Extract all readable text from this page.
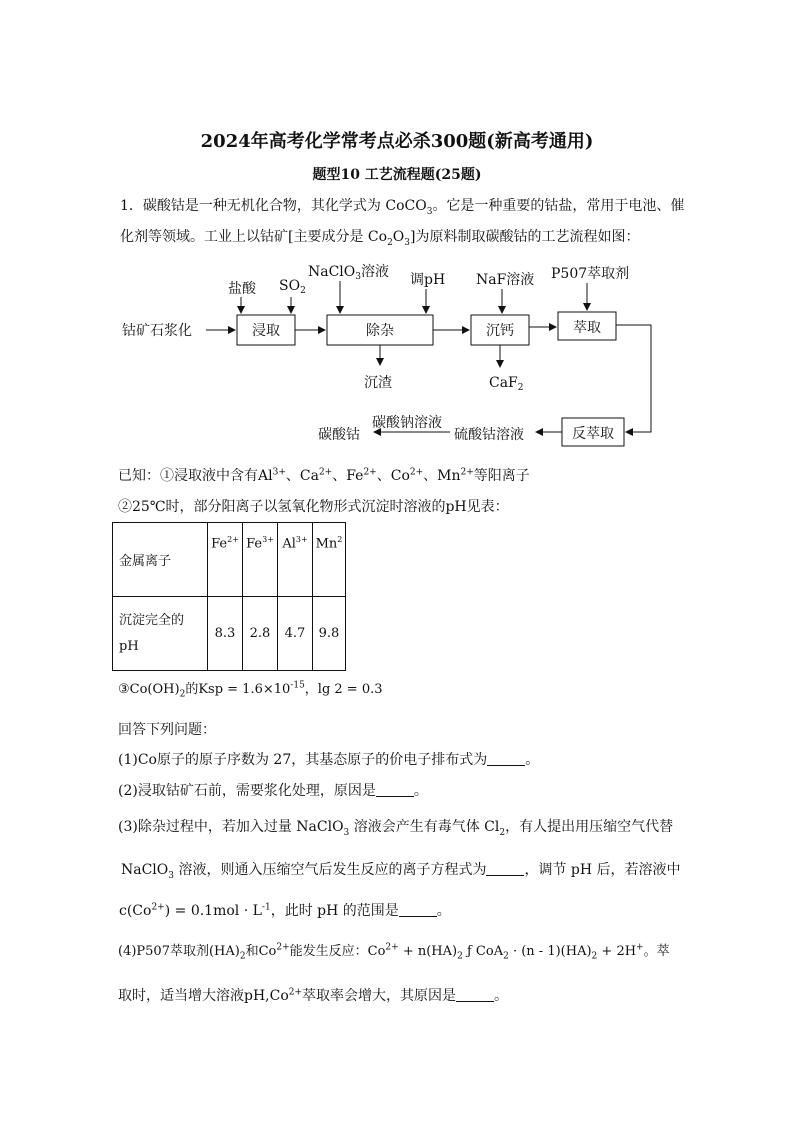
2024年高考化学常考点必杀300题(新高考通用)
题型10 工艺流程题(25题)
1．碳酸钴是一种无机化合物，其化学式为 CoCO$_3$。它是一种重要的钴盐，常用于电池、催
化剂等领域。工业上以钴矿[主要成分是 $Co_2O_3$]为原料制取碳酸钴的工艺流程如图：
钴矿石浆化	浸取	除杂	沉钙	萃取
反萃取
盐酸 $SO_2$
NaClO$_3$溶液 调pH NaF溶液 P507萃取剂
沉渣	CaF$_2$
硫酸钴溶液
碳酸钠溶液
碳酸钴
已知：①浸取液中含有$Al^{3+}$、$Ca^{2+}$、$Fe^{2+}$、$Co^{2+}$、$Mn^{2+}$等阳离子
②25℃时，部分阳离子以氢氧化物形式沉淀时溶液的pH见表：
金属离子	$Fe^{2+}$	$Fe^{3+}$	$Al^{3+}$	Mn$^2$
沉淀完全的
pH	8.3	2.8	4.7	9.8
$③Co(OH)_2$的Ksp = $1.6\times 10^{-15}$，lg 2 = 0.3
回答下列问题：
(1)Co原子的原子序数为 27，其基态原子的价电子排布式为	。
(2)浸取钴矿石前，需要浆化处理，原因是	。
(3)除杂过程中，若加入过量 NaClO$_3$ 溶液会产生有毒气体 $Cl_2$，有人提出用压缩空气代替
NaClO$_3$ 溶液，则通入压缩空气后发生反应的离子方程式为	，调节 pH 后，若溶液中
$c(Co^{2+}) = 0.1mol \cdot L^{-1}$，此时 pH 的范围是	。
(4)P507萃取剂$(HA)_2$和$Co^{2+}$能发生反应：$Co^{2+} + n(HA)_2$ ƒ $CoA_2 \cdot (n - 1)(HA)_2 + 2H^+$。萃
取时，适当增大溶液$pH,Co^{2+}$萃取率会增大，其原因是	。
